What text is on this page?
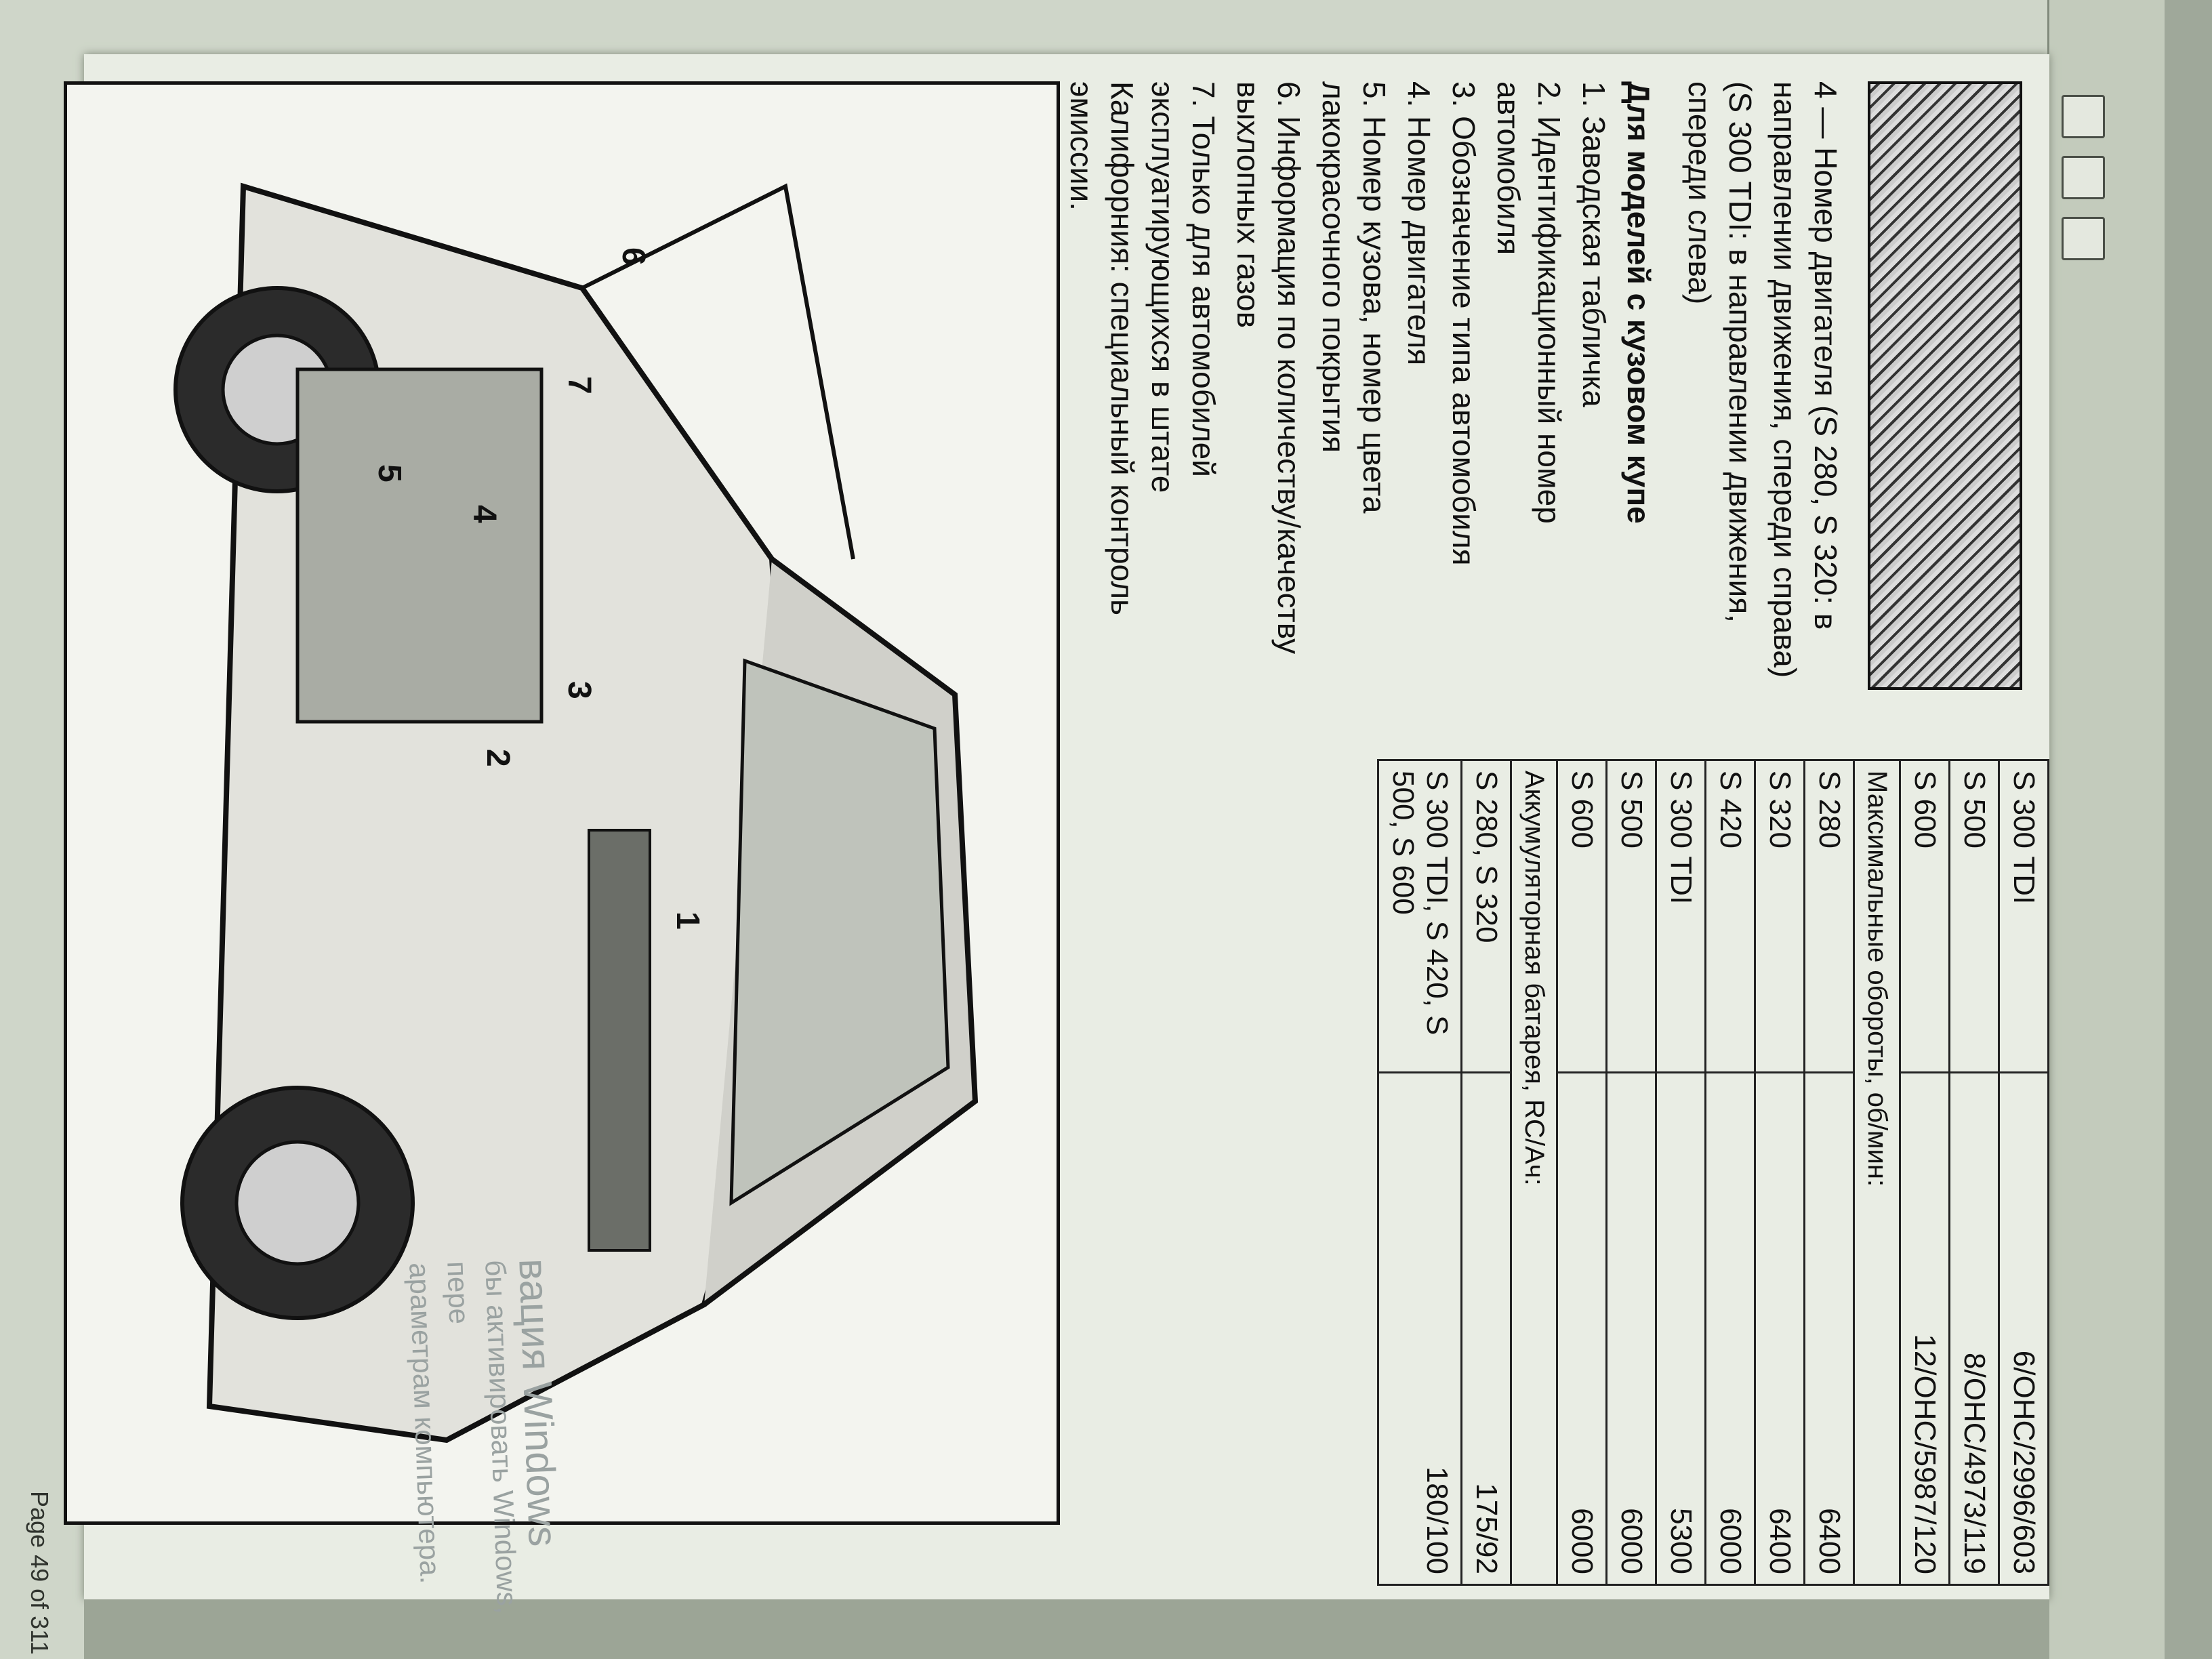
4 — Номер двигателя (S 280, S 320: в направлении движения, спереди справа)

(S 300 TDI: в направлении движения, спереди слева)

Для моделей с кузовом купе

1. Заводская табличка

2. Идентификационный номер автомобиля

3. Обозначение типа автомобиля

4. Номер двигателя

5. Номер кузова, номер цвета лакокрасочного покрытия

6. Информация по количеству/качеству выхлопных газов

7. Только для автомобилей эксплуатирующихся в штате Калифорния: специальный контроль эмиссии.

S 300 TDI	6/OHC/2996/603
S 500	8/OHC/4973/119
S 600	12/OHC/5987/120
Максимальные обороты, об/мин:	
S 280	6400
S 320	6400
S 420	6000
S 300 TDI	5300
S 500	6000
S 600	6000
Аккумуляторная батарея, RC/Ач:	
S 280, S 320	175/92
S 300 TDI, S 420, S 500, S 600	180/100
1
2
3
4
5
6
7
вация Windows
бы активировать Windows, пере
араметрам компьютера.
Page 49 of 311
